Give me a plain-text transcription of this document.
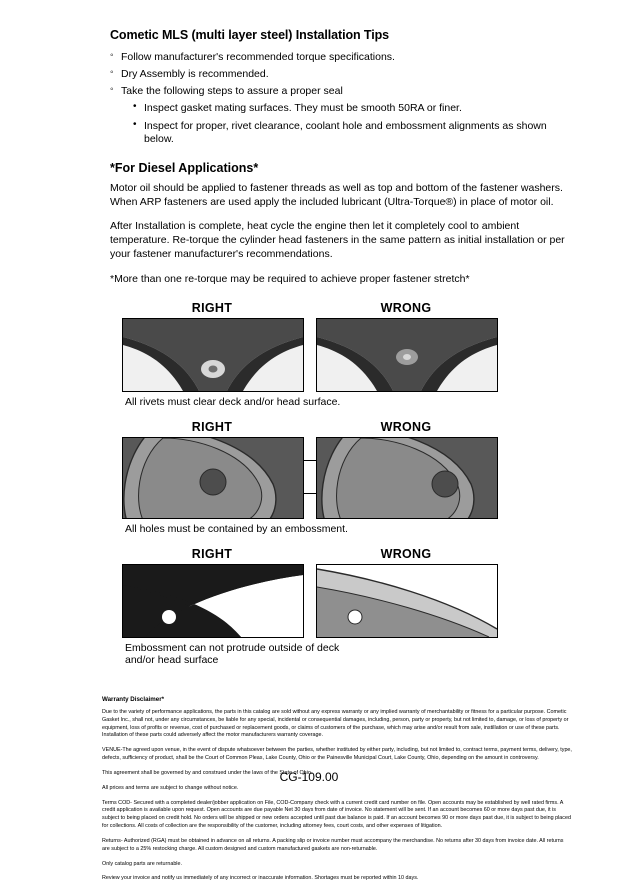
Cometic MLS (multi layer steel) Installation Tips
◦ Follow manufacturer's recommended torque specifications.
◦ Dry Assembly is recommended.
◦ Take the following steps to assure a proper seal
• Inspect gasket mating surfaces. They must be smooth 50RA or finer.
• Inspect for proper, rivet clearance, coolant hole and embossment alignments as shown below.
*For Diesel Applications*

Motor oil should be applied to fastener threads as well as top and bottom of the fastener washers. When ARP fasteners are used apply the included lubricant (Ultra-Torque®) in place of motor oil.

After Installation is complete, heat cycle the engine then let it completely cool to ambient temperature. Re-torque the cylinder head fasteners in the same pattern as initial installation or per your fastener manufacturer's recommendations.

*More than one re-torque may be required to achieve proper fastener stretch*

RIGHT	WRONG
All rivets must clear deck and/or head surface.

RIGHT	WRONG
All holes must be contained by an embossment.
RIGHT	WRONG
Embossment can not protrude outside of deck
and/or head surface
Warranty Disclaimer*

Due to the variety of performance applications, the parts in this catalog are sold without any express warranty or any implied warranty of merchantability or fitness for a particular purpose. Cometic Gasket Inc., shall not, under any circumstances, be liable for any special, incidental or consequential damages, including, person, party or property, but not limited to, damage, or loss of property or equipment, loss of profits or revenue, cost of purchased or replacement goods, or claims of customers of the purchase, which may arise and/or result from sale, instillation or use of these parts. Installation of these parts could adversely affect the motor manufacturers warranty coverage.

VENUE-The agreed upon venue, in the event of dispute whatsoever between the parties, whether instituted by either party, including, but not limited to, contract terms, payment terms, delivery, type, defects, sufficiency of product, shall be the Court of Common Pleas, Lake County, Ohio or the Painesville Municipal Court, Lake County, Ohio, depending on the amount in controversy.

This agreement shall be governed by and construed under the laws of the State of Ohio.

All prices and terms are subject to change without notice.

Terms COD- Secured with a completed dealer/jobber application on File, COD-Company check with a current credit card number on file. Open accounts may be established by well rated firms. A credit application is available upon request. Open accounts are due payable Net 30 days from date of invoice. No statement will be sent. If an account becomes 60 or more days past due, it is subject to being placed on credit hold. No orders will be shipped or new orders accepted until past due balance is paid. If an account becomes 90 or more days past due, it is subject to being placed for collections. All costs of collection are the responsibility of the customer, including attorney fees, court costs, and other expenses of litigation.

Returns- Authorized (RGA) must be obtained in advance on all returns. A packing slip or invoice number must accompany the merchandise. No returns after 30 days from invoice date. All returns are subject to a 25% restocking charge. All custom designed and custom manufactured gaskets are non-returnable.

Only catalog parts are returnable.

Review your invoice and notify us immediately of any incorrect or inaccurate information. Shortages must be reported within 10 days.

CG-109.00
